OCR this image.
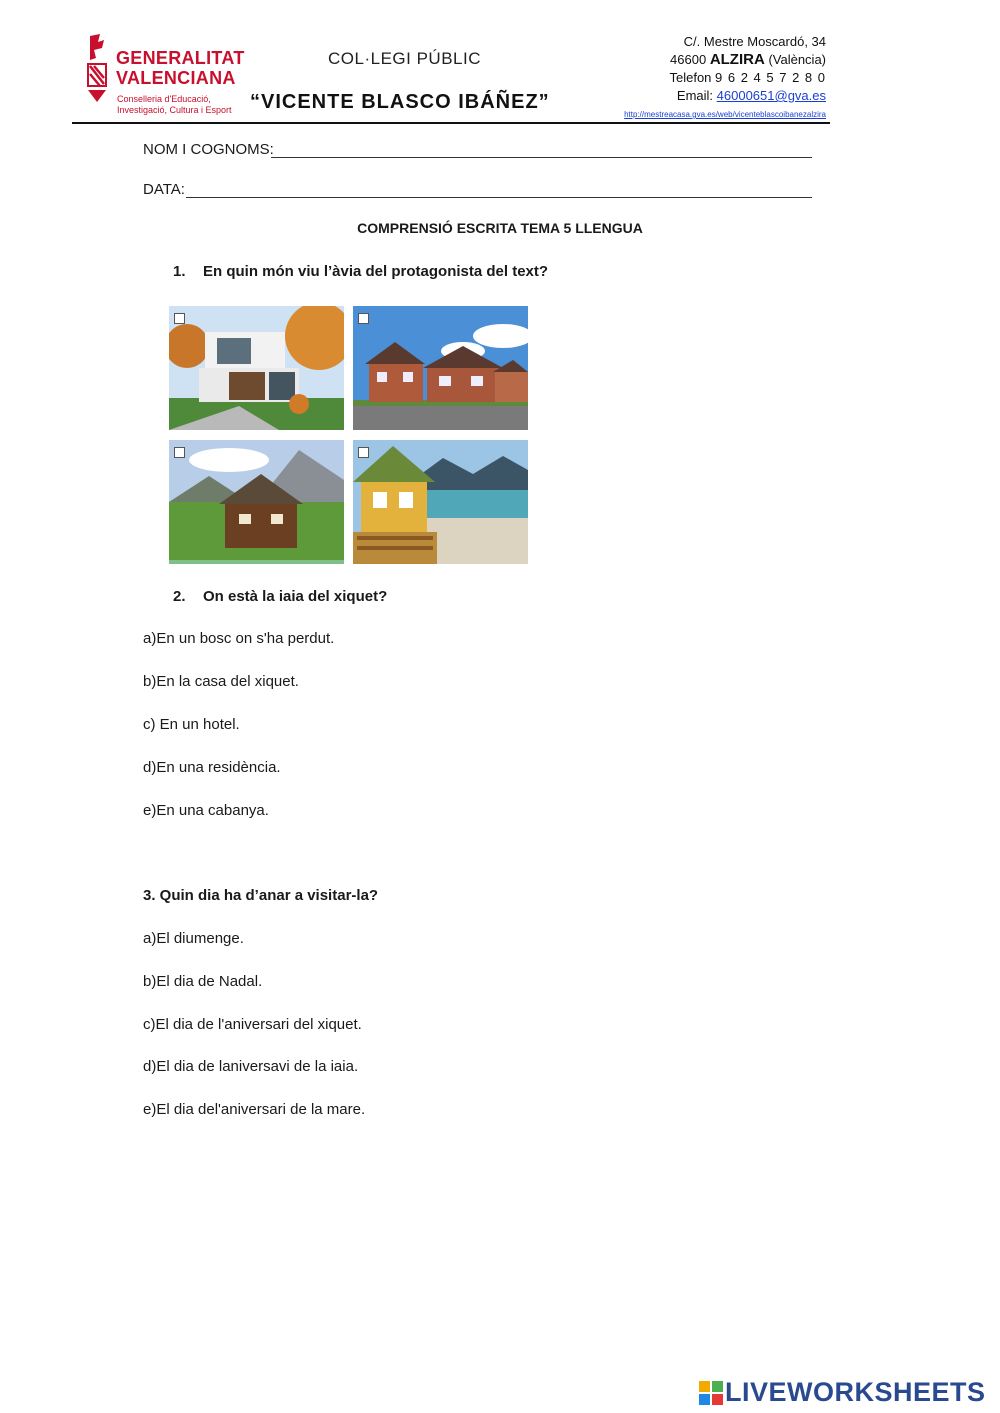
GENERALITAT
VALENCIANA
Conselleria d'Educació,
Investigació, Cultura i Esport
COL·LEGI PÚBLIC
“VICENTE BLASCO IBÁÑEZ”
C/. Mestre Moscardó, 34
46600 ALZIRA (València)
Telefon 9 6 2 4 5 7 2 8 0
Email: 46000651@gva.es
http://mestreacasa.gva.es/web/vicenteblascoibanezalzira
NOM I COGNOMS:
DATA:
COMPRENSIÓ ESCRITA TEMA 5 LLENGUA
1. En quin món viu l’àvia del protagonista del text?
2. On està la iaia del xiquet?
a)En un bosc on s'ha perdut.
b)En la casa del xiquet.
c) En un hotel.
d)En una residència.
e)En una cabanya.
3. Quin dia ha d’anar a visitar-la?
a)El diumenge.
b)El dia de Nadal.
c)El dia de l'aniversari del xiquet.
d)El dia de laniversavi de la iaia.
e)El dia del'aniversari de la mare.
LIVEWORKSHEETS
